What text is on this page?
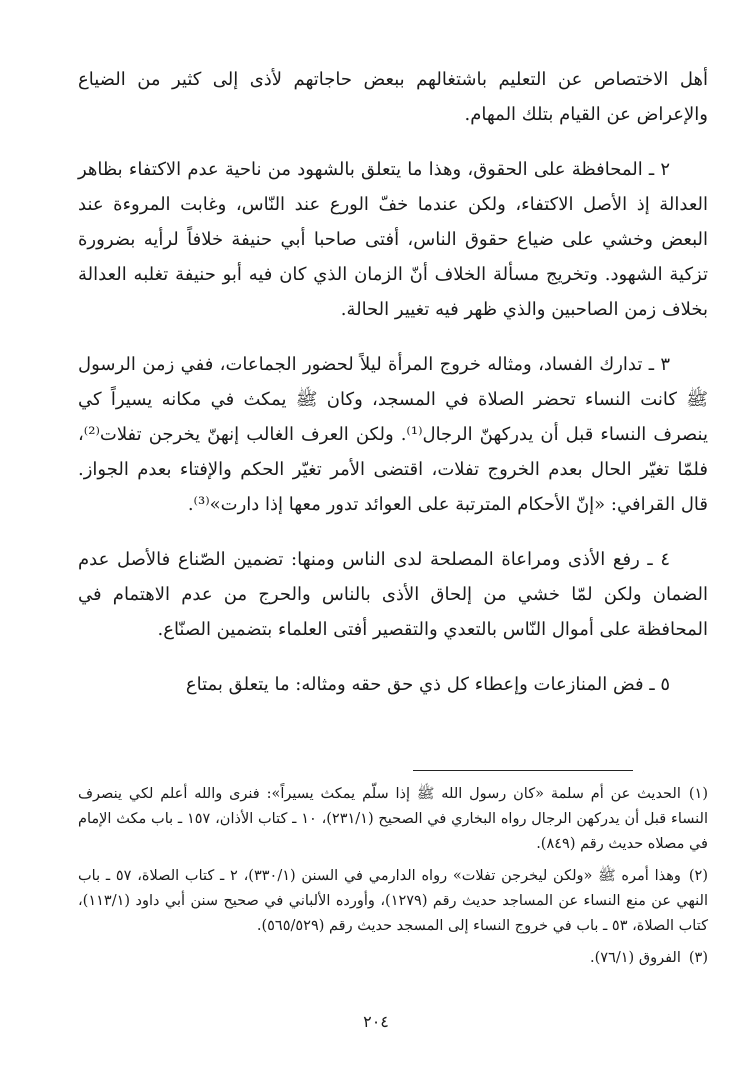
أهل الاختصاص عن التعليم باشتغالهم ببعض حاجاتهم لأذى إلى كثير من الضياع والإعراض عن القيام بتلك المهام.

٢ ـ المحافظة على الحقوق، وهذا ما يتعلق بالشهود من ناحية عدم الاكتفاء بظاهر العدالة إذ الأصل الاكتفاء، ولكن عندما خفّ الورع عند النّاس، وغابت المروءة عند البعض وخشي على ضياع حقوق الناس، أفتى صاحبا أبي حنيفة خلافاً لرأيه بضرورة تزكية الشهود. وتخريج مسألة الخلاف أنّ الزمان الذي كان فيه أبو حنيفة تغلبه العدالة بخلاف زمن الصاحبين والذي ظهر فيه تغيير الحالة.

٣ ـ تدارك الفساد، ومثاله خروج المرأة ليلاً لحضور الجماعات، ففي زمن الرسول ﷺ كانت النساء تحضر الصلاة في المسجد، وكان ﷺ يمكث في مكانه يسيراً كي ينصرف النساء قبل أن يدركهنّ الرجال⁽¹⁾. ولكن العرف الغالب إنهنّ يخرجن تفلات⁽²⁾، فلمّا تغيّر الحال بعدم الخروج تفلات، اقتضى الأمر تغيّر الحكم والإفتاء بعدم الجواز. قال القرافي: «إنّ الأحكام المترتبة على العوائد تدور معها إذا دارت»⁽³⁾.

٤ ـ رفع الأذى ومراعاة المصلحة لدى الناس ومنها: تضمين الصّناع فالأصل عدم الضمان ولكن لمّا خشي من إلحاق الأذى بالناس والحرج من عدم الاهتمام في المحافظة على أموال النّاس بالتعدي والتقصير أفتى العلماء بتضمين الصنّاع.

٥ ـ فض المنازعات وإعطاء كل ذي حق حقه ومثاله: ما يتعلق بمتاع

(١)الحديث عن أم سلمة «كان رسول الله ﷺ إذا سلّم يمكث يسيراً»: فنرى والله أعلم لكي ينصرف النساء قبل أن يدركهن الرجال رواه البخاري في الصحيح (٢٣١/١)، ١٠ ـ كتاب الأذان، ١٥٧ ـ باب مكث الإمام في مصلاه حديث رقم (٨٤٩).

(٢)وهذا أمره ﷺ «ولكن ليخرجن تفلات» رواه الدارمي في السنن (٣٣٠/١)، ٢ ـ كتاب الصلاة، ٥٧ ـ باب النهي عن منع النساء عن المساجد حديث رقم (١٢٧٩)، وأورده الألباني في صحيح سنن أبي داود (١١٣/١)، كتاب الصلاة، ٥٣ ـ باب في خروج النساء إلى المسجد حديث رقم (٥٦٥/٥٢٩).

(٣)الفروق (٧٦/١).

٢٠٤
